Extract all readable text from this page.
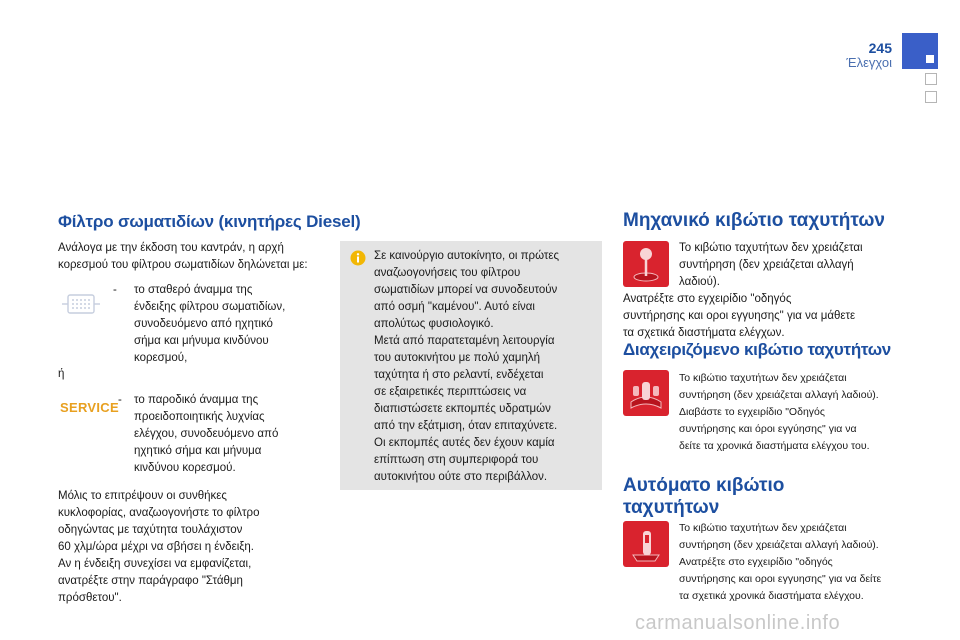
245
Έλεγχοι
Φίλτρο σωματιδίων (κινητήρες Diesel)
Ανάλογα με την έκδοση του καντράν, η αρχή
κορεσμού του φίλτρου σωματιδίων δηλώνεται με:
- το σταθερό άναμμα της
ένδειξης φίλτρου σωματιδίων,
συνοδευόμενο από ηχητικό
σήμα και μήνυμα κινδύνου
κορεσμού,
ή
SERVICE - το παροδικό άναμμα της
προειδοποιητικής λυχνίας
ελέγχου, συνοδευόμενο από
ηχητικό σήμα και μήνυμα
κινδύνου κορεσμού.
Μόλις το επιτρέψουν οι συνθήκες
κυκλοφορίας, αναζωογονήστε το φίλτρο
οδηγώντας με ταχύτητα τουλάχιστον
60 χλμ/ώρα μέχρι να σβήσει η ένδειξη.
Αν η ένδειξη συνεχίσει να εμφανίζεται,
ανατρέξτε στην παράγραφο "Στάθμη
πρόσθετου".
Σε καινούργιο αυτοκίνητο, οι πρώτες
αναζωογονήσεις του φίλτρου
σωματιδίων μπορεί να συνοδευτούν
από οσμή "καμένου". Αυτό είναι
απολύτως φυσιολογικό.
Μετά από παρατεταμένη λειτουργία
του αυτοκινήτου με πολύ χαμηλή
ταχύτητα ή στο ρελαντί, ενδέχεται
σε εξαιρετικές περιπτώσεις να
διαπιστώσετε εκπομπές υδρατμών
από την εξάτμιση, όταν επιταχύνετε.
Οι εκπομπές αυτές δεν έχουν καμία
επίπτωση στη συμπεριφορά του
αυτοκινήτου ούτε στο περιβάλλον.
Μηχανικό κιβώτιο ταχυτήτων
Το κιβώτιο ταχυτήτων δεν χρειάζεται
συντήρηση (δεν χρειάζεται αλλαγή
λαδιού).
Ανατρέξτε στο εγχειρίδιο "οδηγός
συντήρησης και οροι εγγυησης" για να μάθετε
τα σχετικά διαστήματα ελέγχων.
Διαχειριζόμενο κιβώτιο ταχυτήτων
Το κιβώτιο ταχυτήτων δεν χρειάζεται
συντήρηση (δεν χρειάζεται αλλαγή λαδιού).
Διαβάστε το εγχειρίδιο "Οδηγός
συντήρησης και όροι εγγύησης" για να
δείτε τα χρονικά διαστήματα ελέγχου του.
Αυτόματο κιβώτιο
ταχυτήτων
Το κιβώτιο ταχυτήτων δεν χρειάζεται
συντήρηση (δεν χρειάζεται αλλαγή λαδιού).
Ανατρέξτε στο εγχειρίδιο "οδηγός
συντήρησης και οροι εγγυησης" για να δείτε
τα σχετικά χρονικά διαστήματα ελέγχου.
carmanualsonline.info
